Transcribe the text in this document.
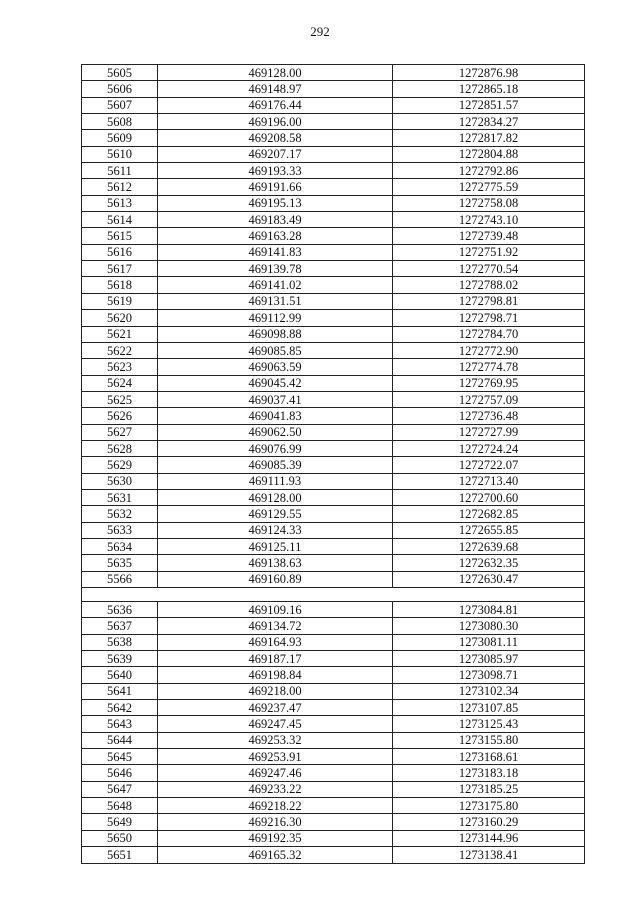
292
5605	469128.00	1272876.98
5606	469148.97	1272865.18
5607	469176.44	1272851.57
5608	469196.00	1272834.27
5609	469208.58	1272817.82
5610	469207.17	1272804.88
5611	469193.33	1272792.86
5612	469191.66	1272775.59
5613	469195.13	1272758.08
5614	469183.49	1272743.10
5615	469163.28	1272739.48
5616	469141.83	1272751.92
5617	469139.78	1272770.54
5618	469141.02	1272788.02
5619	469131.51	1272798.81
5620	469112.99	1272798.71
5621	469098.88	1272784.70
5622	469085.85	1272772.90
5623	469063.59	1272774.78
5624	469045.42	1272769.95
5625	469037.41	1272757.09
5626	469041.83	1272736.48
5627	469062.50	1272727.99
5628	469076.99	1272724.24
5629	469085.39	1272722.07
5630	469111.93	1272713.40
5631	469128.00	1272700.60
5632	469129.55	1272682.85
5633	469124.33	1272655.85
5634	469125.11	1272639.68
5635	469138.63	1272632.35
5566	469160.89	1272630.47

5636	469109.16	1273084.81
5637	469134.72	1273080.30
5638	469164.93	1273081.11
5639	469187.17	1273085.97
5640	469198.84	1273098.71
5641	469218.00	1273102.34
5642	469237.47	1273107.85
5643	469247.45	1273125.43
5644	469253.32	1273155.80
5645	469253.91	1273168.61
5646	469247.46	1273183.18
5647	469233.22	1273185.25
5648	469218.22	1273175.80
5649	469216.30	1273160.29
5650	469192.35	1273144.96
5651	469165.32	1273138.41
